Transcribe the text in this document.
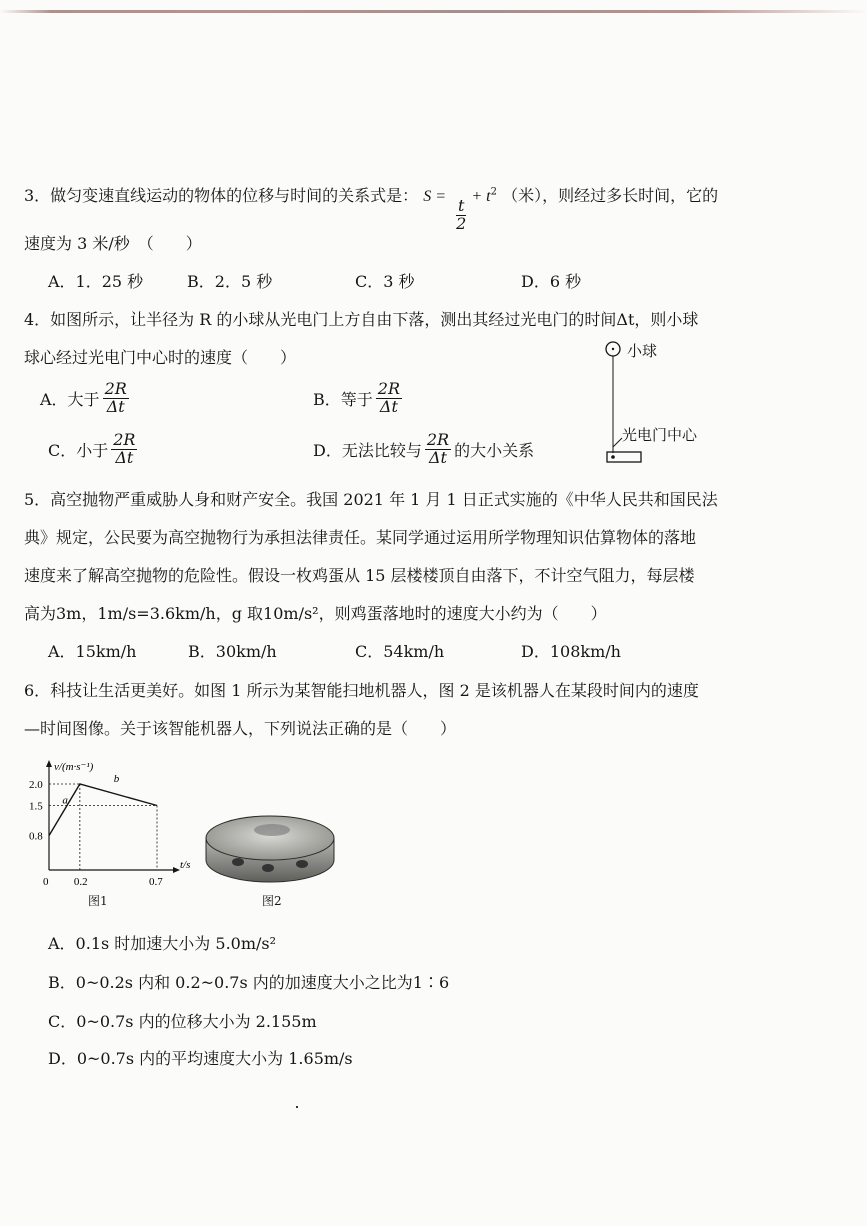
3．做匀变速直线运动的物体的位移与时间的关系式是： S =
$\frac{t}{2}$
+ $t^2$ （米），则经过多长时间，它的
速度为 3 米/秒　（　　）
A．1．25 秒	B．2．5 秒	C．3 秒	D．6 秒
4．如图所示，让半径为 R 的小球从光电门上方自由下落，测出其经过光电门的时间Δt，则小球
球心经过光电门中心时的速度（　　）
A．大于 $\frac{2R}{\Delta t}$	B．等于 $\frac{2R}{\Delta t}$
C．小于 $\frac{2R}{\Delta t}$	D．无法比较与 $\frac{2R}{\Delta t}$ 的大小关系
小球
光电门中心
5．高空抛物严重威胁人身和财产安全。我国 2021 年 1 月 1 日正式实施的《中华人民共和国民法
典》规定，公民要为高空抛物行为承担法律责任。某同学通过运用所学物理知识估算物体的落地
速度来了解高空抛物的危险性。假设一枚鸡蛋从 15 层楼楼顶自由落下，不计空气阻力，每层楼
高为3m，1m/s=3.6km/h，g 取10m/s²，则鸡蛋落地时的速度大小约为（　　）
A．15km/h	B．30km/h	C．54km/h	D．108km/h
6．科技让生活更美好。如图 1 所示为某智能扫地机器人，图 2 是该机器人在某段时间内的速度
—时间图像。关于该智能机器人，下列说法正确的是（　　）
v/(m·s⁻¹)
t/s
0 0.2	0.7
0.8
1.5
2.0
a
b
图1	图2
A．0.1s 时加速大小为 5.0m/s²
B．0~0.2s 内和 0.2~0.7s 内的加速度大小之比为1∶6
C．0~0.7s 内的位移大小为 2.155m
D．0~0.7s 内的平均速度大小为 1.65m/s
